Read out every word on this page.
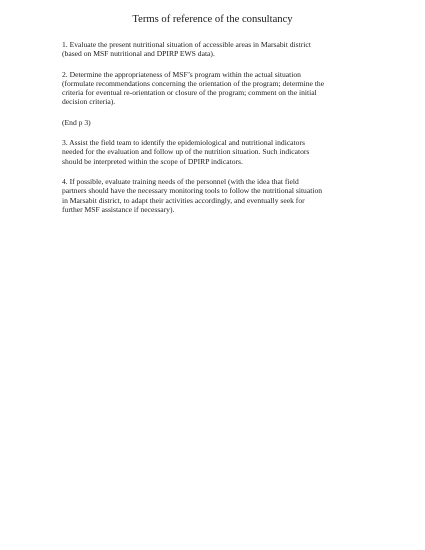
Terms of reference of the consultancy

1. Evaluate the present nutritional situation of accessible areas in Marsabit district
(based on MSF nutritional and DPIRP EWS data).

2. Determine the appropriateness of MSF’s program within the actual situation
(formulate recommendations concerning the orientation of the program; determine the
criteria for eventual re-orientation or closure of the program; comment on the initial
decision criteria).

(End p 3)

3. Assist the field team to identify the epidemiological and nutritional indicators
needed for the evaluation and follow up of the nutrition situation. Such indicators
should be interpreted within the scope of DPIRP indicators.

4. If possible, evaluate training needs of the personnel (with the idea that field
partners should have the necessary monitoring tools to follow the nutritional situation
in Marsabit district, to adapt their activities accordingly, and eventually seek for
further MSF assistance if necessary).
